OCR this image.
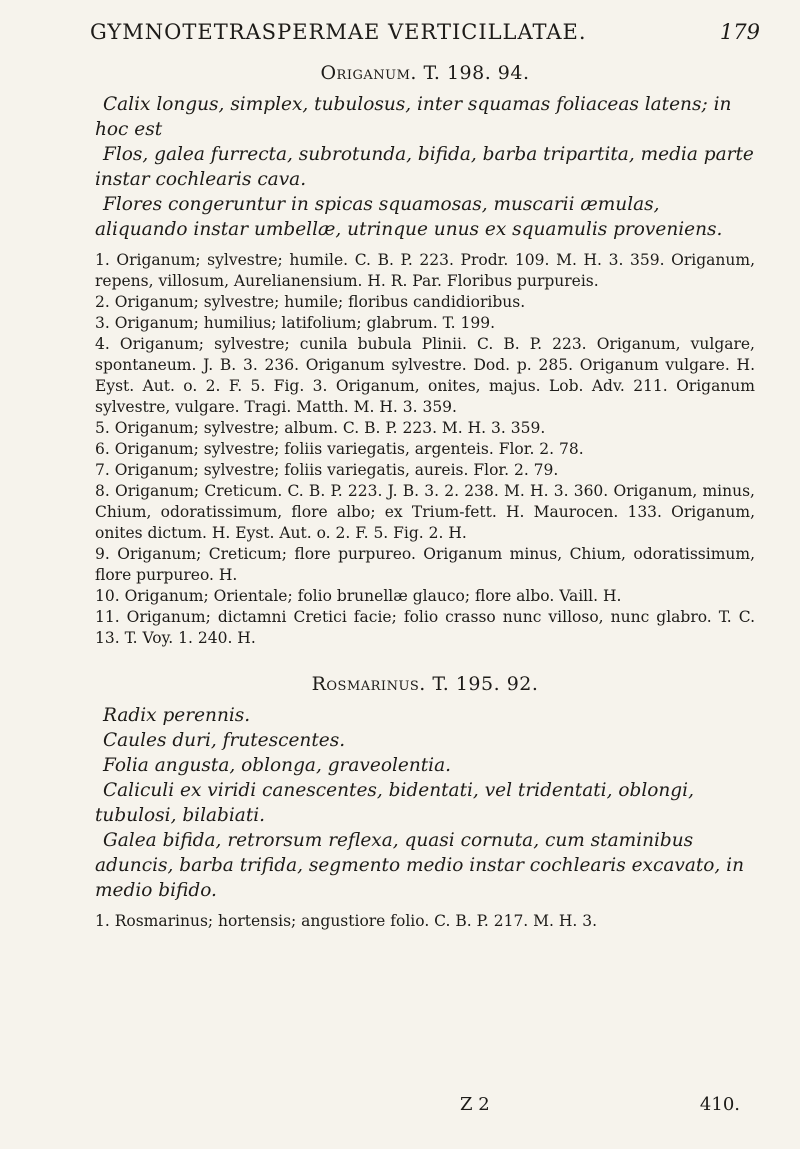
GYMNOTETRASPERMAE VERTICILLATAE.	179
Origanum. T. 198. 94.

Calix longus, simplex, tubulosus, inter squamas foliaceas latens; in hoc est

Flos, galea furrecta, subrotunda, bifida, barba tripartita, media parte instar cochlearis cava.

Flores congeruntur in spicas squamosas, muscarii æmulas, aliquando instar umbellæ, utrinque unus ex squamulis proveniens.

1. Origanum; sylvestre; humile. C. B. P. 223. Prodr. 109. M. H. 3. 359. Origanum, repens, villosum, Aurelianensium. H. R. Par. Floribus purpureis.

2. Origanum; sylvestre; humile; floribus candidioribus.

3. Origanum; humilius; latifolium; glabrum. T. 199.

4. Origanum; sylvestre; cunila bubula Plinii. C. B. P. 223. Origanum, vulgare, spontaneum. J. B. 3. 236. Origanum sylvestre. Dod. p. 285. Origanum vulgare. H. Eyst. Aut. o. 2. F. 5. Fig. 3. Origanum, onites, majus. Lob. Adv. 211. Origanum sylvestre, vulgare. Tragi. Matth. M. H. 3. 359.

5. Origanum; sylvestre; album. C. B. P. 223. M. H. 3. 359.

6. Origanum; sylvestre; foliis variegatis, argenteis. Flor. 2. 78.

7. Origanum; sylvestre; foliis variegatis, aureis. Flor. 2. 79.

8. Origanum; Creticum. C. B. P. 223. J. B. 3. 2. 238. M. H. 3. 360. Origanum, minus, Chium, odoratissimum, flore albo; ex Trium-fett. H. Maurocen. 133. Origanum, onites dictum. H. Eyst. Aut. o. 2. F. 5. Fig. 2. H.

9. Origanum; Creticum; flore purpureo. Origanum minus, Chium, odoratissimum, flore purpureo. H.

10. Origanum; Orientale; folio brunellæ glauco; flore albo. Vaill. H.

11. Origanum; dictamni Cretici facie; folio crasso nunc villoso, nunc glabro. T. C. 13. T. Voy. 1. 240. H.

Rosmarinus. T. 195. 92.

Radix perennis.

Caules duri, frutescentes.

Folia angusta, oblonga, graveolentia.

Caliculi ex viridi canescentes, bidentati, vel tridentati, oblongi, tubulosi, bilabiati.

Galea bifida, retrorsum reflexa, quasi cornuta, cum staminibus aduncis, barba trifida, segmento medio instar cochlearis excavato, in medio bifido.

1. Rosmarinus; hortensis; angustiore folio. C. B. P. 217. M. H. 3.

Z 2	410.
